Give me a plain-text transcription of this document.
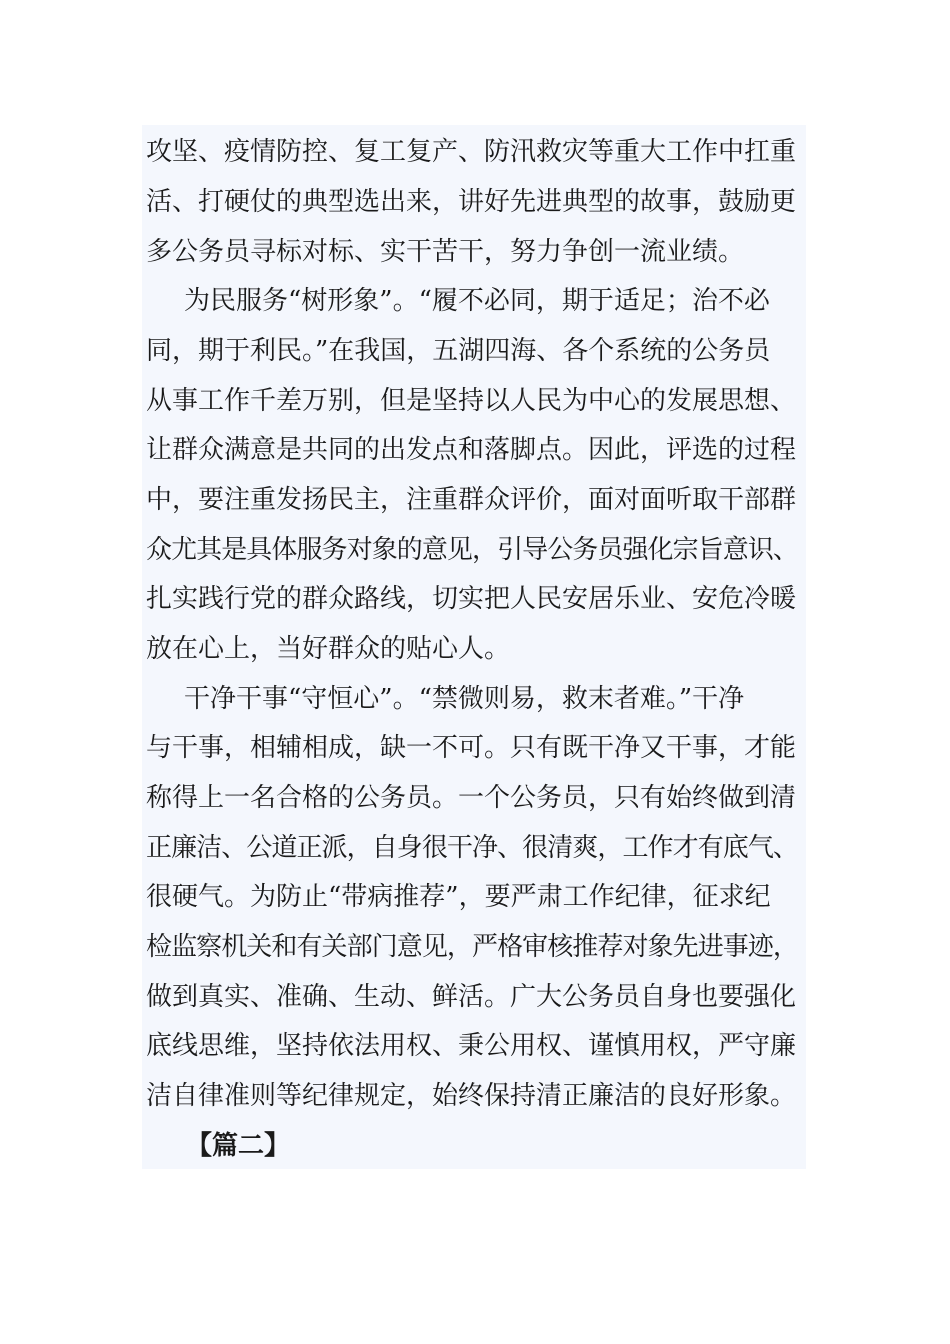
攻坚、疫情防控、复工复产、防汛救灾等重大工作中扛重

活、打硬仗的典型选出来，讲好先进典型的故事，鼓励更

多公务员寻标对标、实干苦干，努力争创一流业绩。

为民服务“树形象”。“履不必同，期于适足；治不必

同，期于利民。”在我国，五湖四海、各个系统的公务员

从事工作千差万别，但是坚持以人民为中心的发展思想、

让群众满意是共同的出发点和落脚点。因此，评选的过程

中，要注重发扬民主，注重群众评价，面对面听取干部群

众尤其是具体服务对象的意见，引导公务员强化宗旨意识、

扎实践行党的群众路线，切实把人民安居乐业、安危冷暖

放在心上，当好群众的贴心人。

干净干事“守恒心”。“禁微则易，救末者难。”干净

与干事，相辅相成，缺一不可。只有既干净又干事，才能

称得上一名合格的公务员。一个公务员，只有始终做到清

正廉洁、公道正派，自身很干净、很清爽，工作才有底气、

很硬气。为防止“带病推荐”，要严肃工作纪律，征求纪

检监察机关和有关部门意见，严格审核推荐对象先进事迹，

做到真实、准确、生动、鲜活。广大公务员自身也要强化

底线思维，坚持依法用权、秉公用权、谨慎用权，严守廉

洁自律准则等纪律规定，始终保持清正廉洁的良好形象。

【篇二】
